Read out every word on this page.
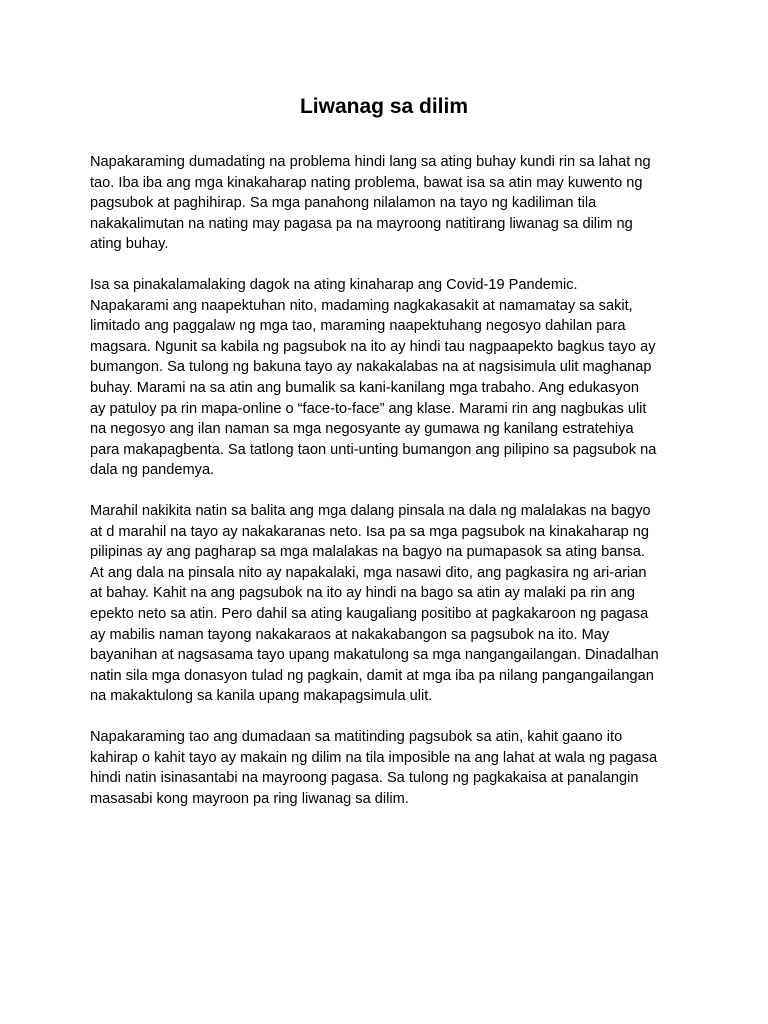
Liwanag sa dilim

Napakaraming dumadating na problema hindi lang sa ating buhay kundi rin sa lahat ng
tao. Iba iba ang mga kinakaharap nating problema, bawat isa sa atin may kuwento ng
pagsubok at paghihirap. Sa mga panahong nilalamon na tayo ng kadiliman tila
nakakalimutan na nating may pagasa pa na mayroong natitirang liwanag sa dilim ng
ating buhay.

Isa sa pinakalamalaking dagok na ating kinaharap ang Covid-19 Pandemic.
Napakarami ang naapektuhan nito, madaming nagkakasakit at namamatay sa sakit,
limitado ang paggalaw ng mga tao, maraming naapektuhang negosyo dahilan para
magsara. Ngunit sa kabila ng pagsubok na ito ay hindi tau nagpaapekto bagkus tayo ay
bumangon. Sa tulong ng bakuna tayo ay nakakalabas na at nagsisimula ulit maghanap
buhay. Marami na sa atin ang bumalik sa kani-kanilang mga trabaho. Ang edukasyon
ay patuloy pa rin mapa-online o “face-to-face” ang klase. Marami rin ang nagbukas ulit
na negosyo ang ilan naman sa mga negosyante ay gumawa ng kanilang estratehiya
para makapagbenta. Sa tatlong taon unti-unting bumangon ang pilipino sa pagsubok na
dala ng pandemya.

Marahil nakikita natin sa balita ang mga dalang pinsala na dala ng malalakas na bagyo
at d marahil na tayo ay nakakaranas neto. Isa pa sa mga pagsubok na kinakaharap ng
pilipinas ay ang pagharap sa mga malalakas na bagyo na pumapasok sa ating bansa.
At ang dala na pinsala nito ay napakalaki, mga nasawi dito, ang pagkasira ng ari-arian
at bahay. Kahit na ang pagsubok na ito ay hindi na bago sa atin ay malaki pa rin ang
epekto neto sa atin. Pero dahil sa ating kaugaliang positibo at pagkakaroon ng pagasa
ay mabilis naman tayong nakakaraos at nakakabangon sa pagsubok na ito. May
bayanihan at nagsasama tayo upang makatulong sa mga nangangailangan. Dinadalhan
natin sila mga donasyon tulad ng pagkain, damit at mga iba pa nilang pangangailangan
na makaktulong sa kanila upang makapagsimula ulit.

Napakaraming tao ang dumadaan sa matitinding pagsubok sa atin, kahit gaano ito
kahirap o kahit tayo ay makain ng dilim na tila imposible na ang lahat at wala ng pagasa
hindi natin isinasantabi na mayroong pagasa. Sa tulong ng pagkakaisa at panalangin
masasabi kong mayroon pa ring liwanag sa dilim.
